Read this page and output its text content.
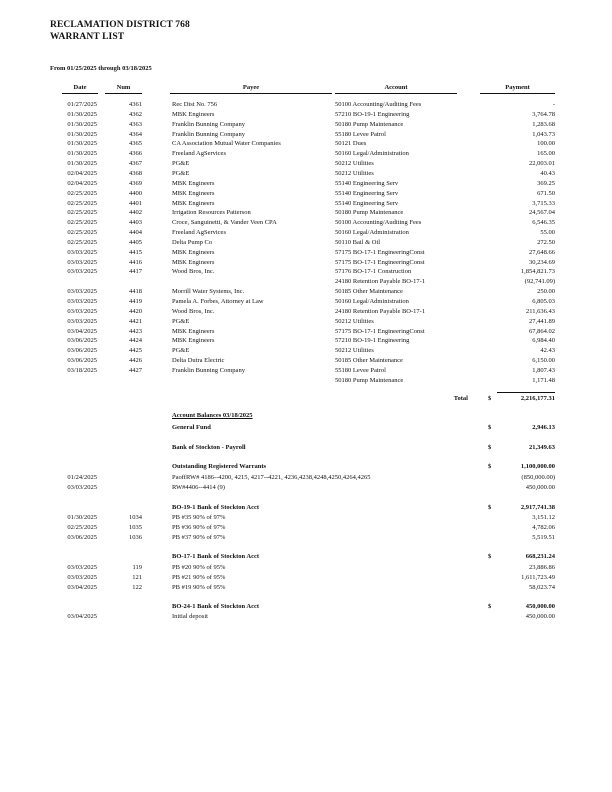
RECLAMATION DISTRICT 768
WARRANT LIST
From 01/25/2025 through 03/18/2025
Date	Num	Payee	Account	Payment
01/27/2025	4361	Rec Dist No. 756	50100 Accounting/Auditing Fees	-
01/30/2025	4362	MBK Engineers	57210 BO-19-1 Engineering	3,764.78
01/30/2025	4363	Franklin Bunning Company	50180 Pump Maintenance	1,283.68
01/30/2025	4364	Franklin Bunning Company	55180 Levee Patrol	1,043.73
01/30/2025	4365	CA Association Mutual Water Companies	50121 Dues	100.00
01/30/2025	4366	Freeland AgServices	50160 Legal/Administration	165.00
01/30/2025	4367	PG&E	50212 Utilities	22,003.01
02/04/2025	4368	PG&E	50212 Utilities	40.43
02/04/2025	4369	MBK Engineers	55140 Engineering Serv	369.25
02/25/2025	4400	MBK Engineers	55140 Engineering Serv	671.50
02/25/2025	4401	MBK Engineers	55140 Engineering Serv	3,715.33
02/25/2025	4402	Irrigation Resources Patterson	50180 Pump Maintenance	24,567.04
02/25/2025	4403	Croce, Sanguinetti, & Vander Veen CPA	50100 Accounting/Auditing Fees	6,546.35
02/25/2025	4404	Freeland AgServices	50160 Legal/Administration	55.00
02/25/2025	4405	Delta Pump Co	50110 Bail & Oil	272.50
03/03/2025	4415	MBK Engineers	57175 BO-17-1 EngineeringConst	27,648.66
03/03/2025	4416	MBK Engineers	57175 BO-17-1 EngineeringConst	30,234.69
03/03/2025	4417	Wood Bros, Inc.	57176 BO-17-1 Construction	1,854,821.73
24180 Retention Payable BO-17-1	(92,741.09)
03/03/2025	4418	Morrill Water Systems, Inc.	50185 Other Maintenance	250.00
03/03/2025	4419	Pamela A. Forbes, Attorney at Law	50160 Legal/Administration	6,805.03
03/03/2025	4420	Wood Bros, Inc.	24180 Retention Payable BO-17-1	211,636.43
03/03/2025	4421	PG&E	50212 Utilities	27,441.89
03/04/2025	4423	MBK Engineers	57175 BO-17-1 EngineeringConst	67,864.02
03/06/2025	4424	MBK Engineers	57210 BO-19-1 Engineering	6,984.40
03/06/2025	4425	PG&E	50212 Utilities	42.43
03/06/2025	4426	Delta Dutra Electric	50185 Other Maintenance	6,150.00
03/18/2025	4427	Franklin Bunning Company	55180 Levee Patrol	1,807.43
50180 Pump Maintenance	1,171.48
Total	$	2,216,177.31
Account Balances 03/18/2025
General Fund	$	2,946.13
Bank of Stockton - Payroll	$	21,349.63
Outstanding Registered Warrants	$	1,100,000.00
01/24/2025	PaoffRW# 4186--4200, 4215, 4217--4221, 4236,4238,4248,4250,4264,4265	(850,000.00)
03/03/2025	RW#4406--4414 (9)	450,000.00
BO-19-1 Bank of Stockton Acct	$	2,917,741.38
01/30/2025	1034	PB #35 90% of 97%	3,151.12
02/25/2025	1035	PB #36 90% of 97%	4,782.06
03/06/2025	1036	PB #37 90% of 97%	5,519.51
BO-17-1 Bank of Stockton Acct	$	668,231.24
03/03/2025	119	PB #20 90% of 95%	23,886.86
03/03/2025	121	PB #21 90% of 95%	1,611,723.49
03/04/2025	122	PB #19 90% of 95%	58,023.74
BO-24-1 Bank of Stockton Acct	$	450,000.00
03/04/2025	Initial deposit	450,000.00
